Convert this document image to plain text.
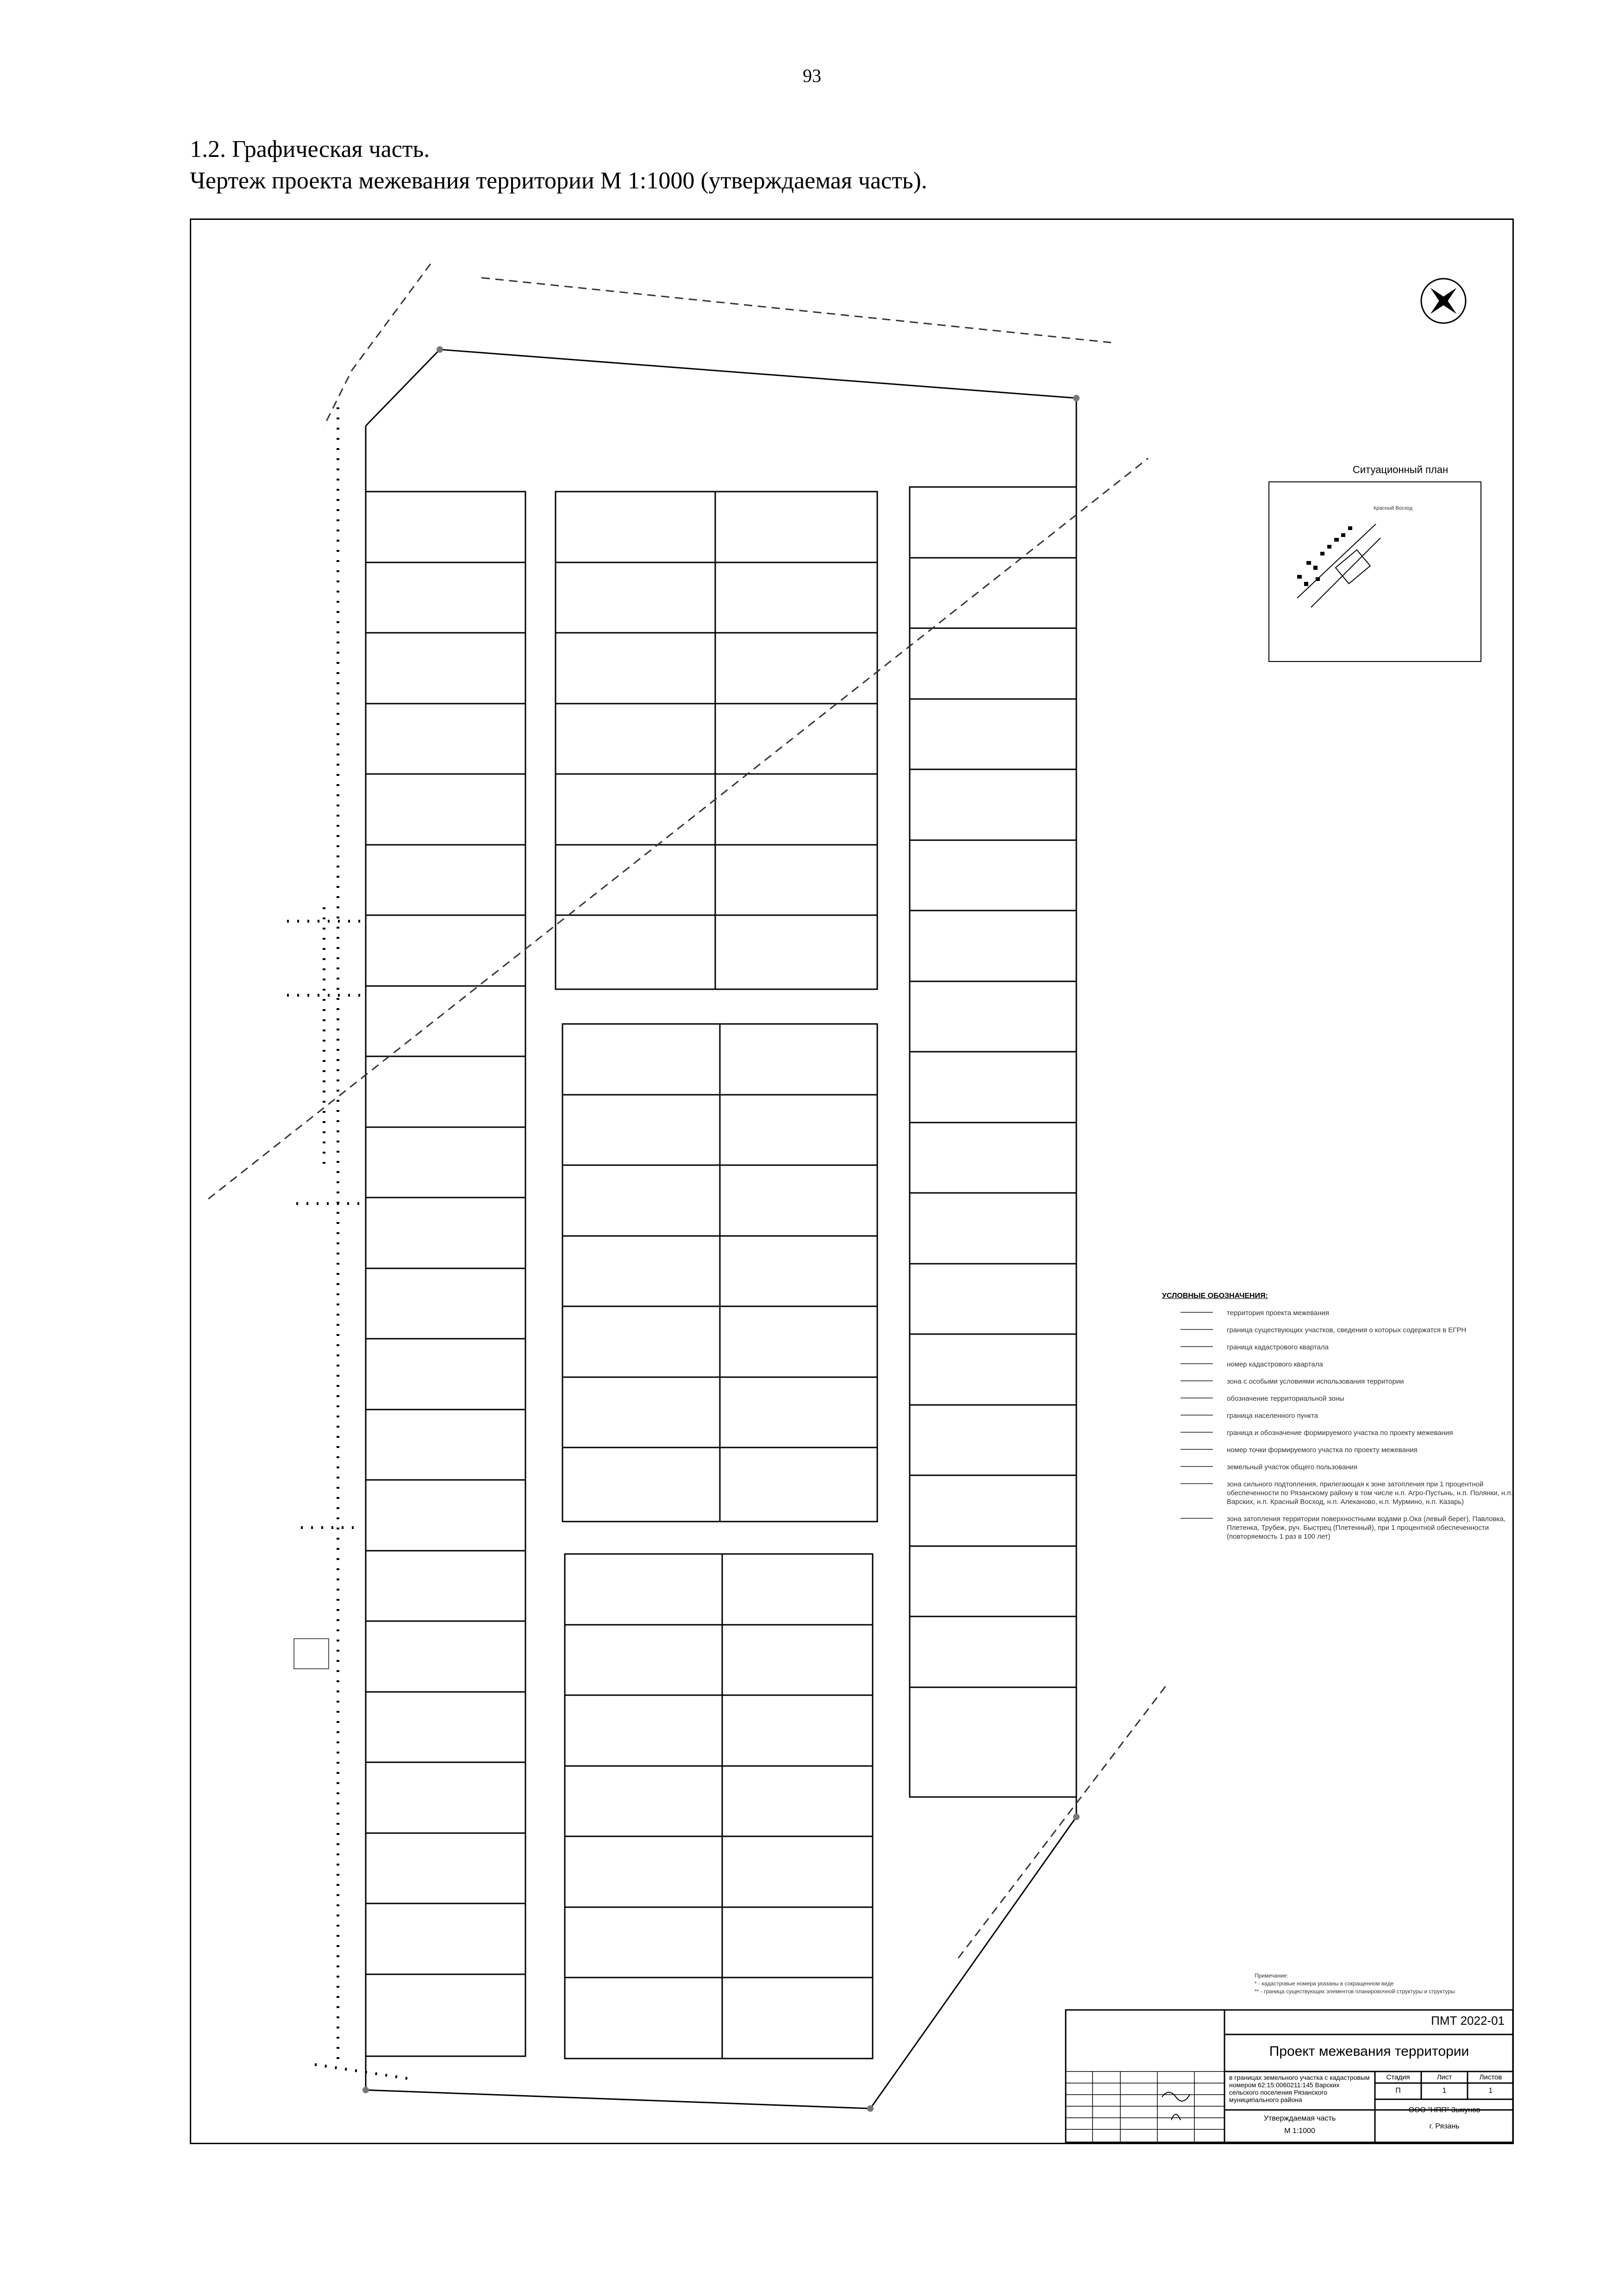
93
1.2. Графическая часть.
Чертеж проекта межевания территории М 1:1000 (утверждаемая часть).
Ситуационный план
Красный Восход
УСЛОВНЫЕ ОБОЗНАЧЕНИЯ:
территория проекта межевания
граница существующих участков, сведения о которых содержатся в ЕГРН
граница кадастрового квартала
номер кадастрового квартала
зона с особыми условиями использования территории
обозначение территориальной зоны
граница населенного пункта
граница и обозначение формируемого участка по проекту межевания
номер точки формируемого участка по проекту межевания
земельный участок общего пользования
зона сильного подтопления, прилегающая к зоне затопления при 1 процентной обеспеченности по Рязанскому району в том числе н.п. Агро-Пустынь, н.п. Полянки, н.п. Варских, н.п. Красный Восход, н.п. Алеканово, н.п. Мурмино, н.п. Казарь)
зона затопления территории поверхностными водами р.Ока (левый берег), Павловка, Плетенка, Трубеж, руч. Быстрец (Плетенный), при 1 процентной обеспеченности (повторяемость 1 раз в 100 лет)
Примечание:
* - кадастровые номера указаны в сокращенном виде
** - граница существующих элементов планировочной структуры и структуры
ПМТ 2022-01
Проект межевания территории
в границах земельного участка с кадастровым номером 62:15:0060211:145 Варских сельского поселения Рязанского муниципального района
Стадия	Лист	Листов
П	1	1
Утверждаемая часть
М 1:1000
ООО "НПП" Зыкунов
г. Рязань
